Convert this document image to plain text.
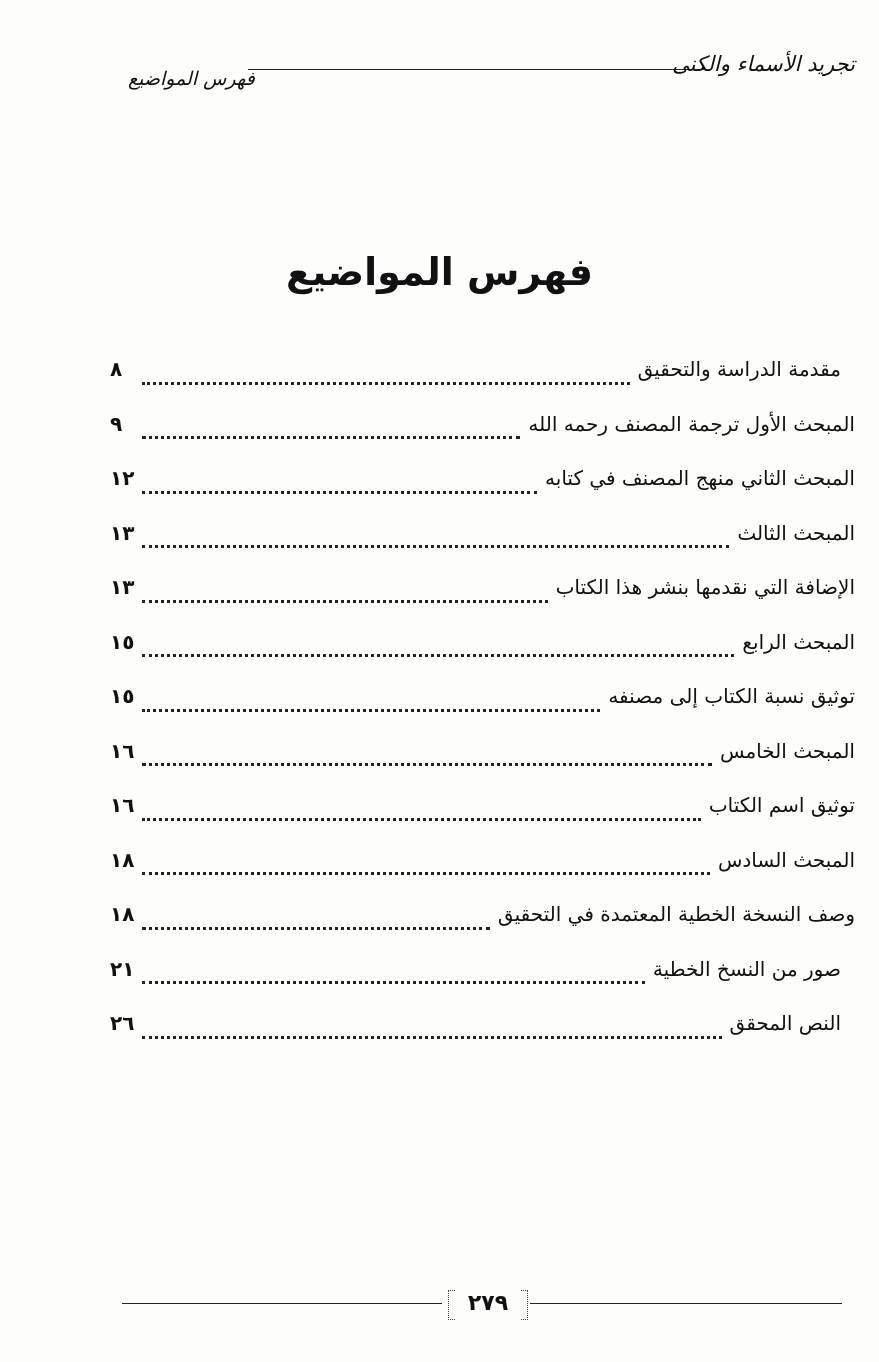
تجريد الأسماء والكنى
فهرس المواضيع
فهرس المواضيع
مقدمة الدراسة والتحقيق
٨
المبحث الأول ترجمة المصنف رحمه الله
٩
المبحث الثاني منهج المصنف في كتابه
١٢
المبحث الثالث
١٣
الإضافة التي نقدمها بنشر هذا الكتاب
١٣
المبحث الرابع
١٥
توثيق نسبة الكتاب إلى مصنفه
١٥
المبحث الخامس
١٦
توثيق اسم الكتاب
١٦
المبحث السادس
١٨
وصف النسخة الخطية المعتمدة في التحقيق
١٨
صور من النسخ الخطية
٢١
النص المحقق
٢٦
٢٧٩
